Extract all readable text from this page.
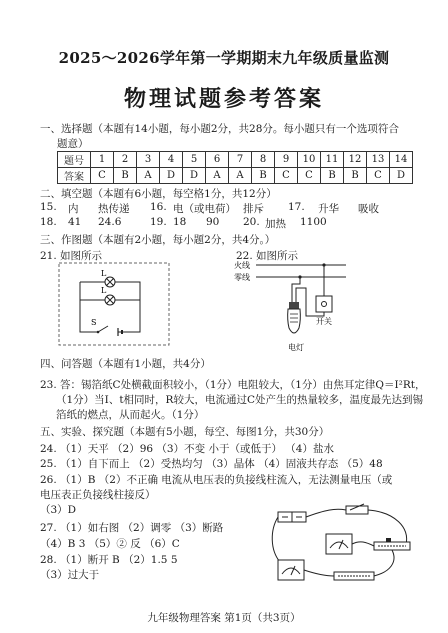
2025～2026学年第一学期期末九年级质量监测
物理试题参考答案
一、选择题（本题有14小题，每小题2分，共28分。每小题只有一个选项符合
题意）
题号	1	2	3	4	5	6	7	8	9	10	11	12	13	14
答案	C	B	A	D	D	A	A	B	C	C	B	B	C	D
二、填空题（本题有6小题，每空格1分，共12分）
15. 内 热传递 16. 电（或电荷） 排斥 17. 升华 吸收
18. 41 24.6	19. 18 90 20. 加热 1100
三、作图题（本题有2小题，每小题2分，共4分。）
21. 如图所示	22. 如图所示
L
L
S
火线
零线
开关
电灯
四、问答题（本题有1小题，共4分）
23. 答：锡箔纸C处横截面积较小，（1分）电阻较大，（1分）由焦耳定律Q＝I²Rt，
（1分）当I、t相同时，R较大，电流通过C处产生的热量较多，温度最先达到锡
箔纸的燃点，从而起火。（1分）
五、实验、探究题（本题有5小题，每空、每图1分，共30分）
24. （1）天平 （2）96 （3）不变 小于（或低于） （4）盐水
25. （1）自下而上 （2）受热均匀 （3）晶体 （4）固液共存态 （5）48
26. （1）B （2）不正确 电流从电压表的负接线柱流入，无法测量电压（或
电压表正负接线柱接反）
（3）D
27. （1）如右图 （2）调零 （3）断路
（4）B 3 （5）② 反 （6）C
28. （1）断开 B （2）1.5 5
（3）过大于
九年级物理答案 第1页（共3页）
